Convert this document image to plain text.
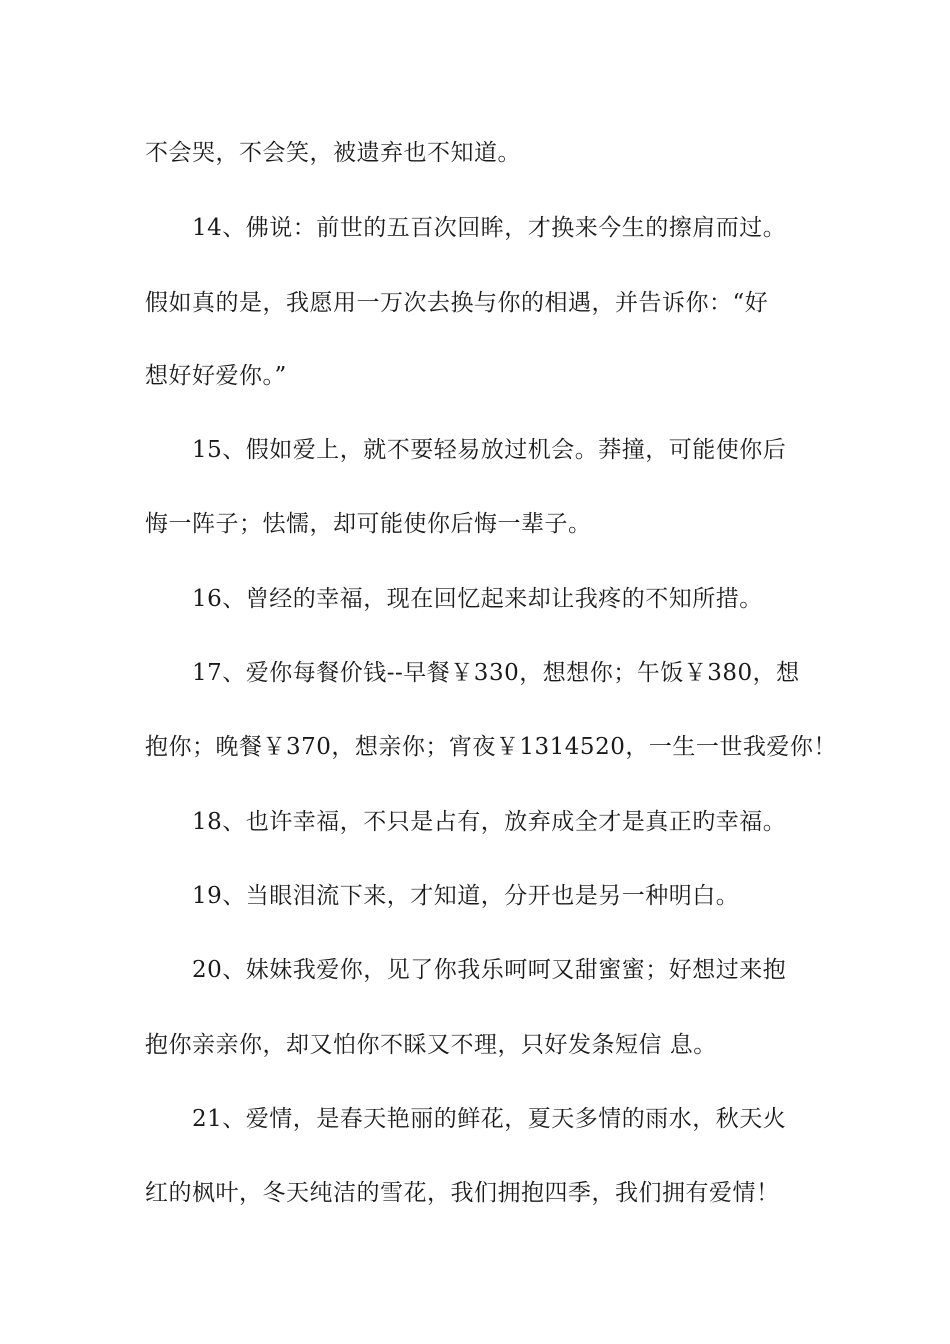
不会哭，不会笑，被遗弃也不知道。
14、佛说：前世的五百次回眸，才换来今生的擦肩而过。
假如真的是，我愿用一万次去换与你的相遇，并告诉你：“好
想好好爱你。”
15、假如爱上，就不要轻易放过机会。莽撞，可能使你后
悔一阵子；怯懦，却可能使你后悔一辈子。
16、曾经的幸福，现在回忆起来却让我疼的不知所措。
17、爱你每餐价钱--早餐￥330，想想你；午饭￥380，想
抱你；晚餐￥370，想亲你；宵夜￥1314520，一生一世我爱你！
18、也许幸福，不只是占有，放弃成全才是真正旳幸福。
19、当眼泪流下来，才知道，分开也是另一种明白。
20、妹妹我爱你，见了你我乐呵呵又甜蜜蜜；好想过来抱
抱你亲亲你，却又怕你不睬又不理，只好发条短信 息。
21、爱情，是春天艳丽的鲜花，夏天多情的雨水，秋天火
红的枫叶，冬天纯洁的雪花，我们拥抱四季，我们拥有爱情！
